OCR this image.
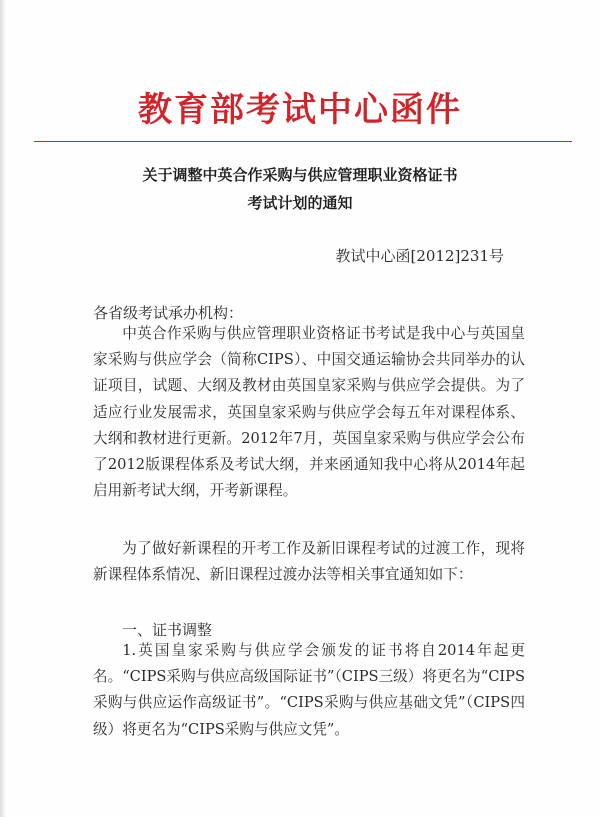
教育部考试中心函件
关于调整中英合作采购与供应管理职业资格证书
考试计划的通知
教试中心函[2012]231号
各省级考试承办机构：

中英合作采购与供应管理职业资格证书考试是我中心与英国皇家采购与供应学会（简称CIPS）、中国交通运输协会共同举办的认证项目，试题、大纲及教材由英国皇家采购与供应学会提供。为了适应行业发展需求，英国皇家采购与供应学会每五年对课程体系、大纲和教材进行更新。2012年7月，英国皇家采购与供应学会公布了2012版课程体系及考试大纲，并来函通知我中心将从2014年起启用新考试大纲，开考新课程。

为了做好新课程的开考工作及新旧课程考试的过渡工作，现将新课程体系情况、新旧课程过渡办法等相关事宜通知如下：

一、证书调整

1.英国皇家采购与供应学会颁发的证书将自2014年起更名。“CIPS采购与供应高级国际证书”（CIPS三级）将更名为“CIPS采购与供应运作高级证书”。“CIPS采购与供应基础文凭”（CIPS四级）将更名为“CIPS采购与供应文凭”。
